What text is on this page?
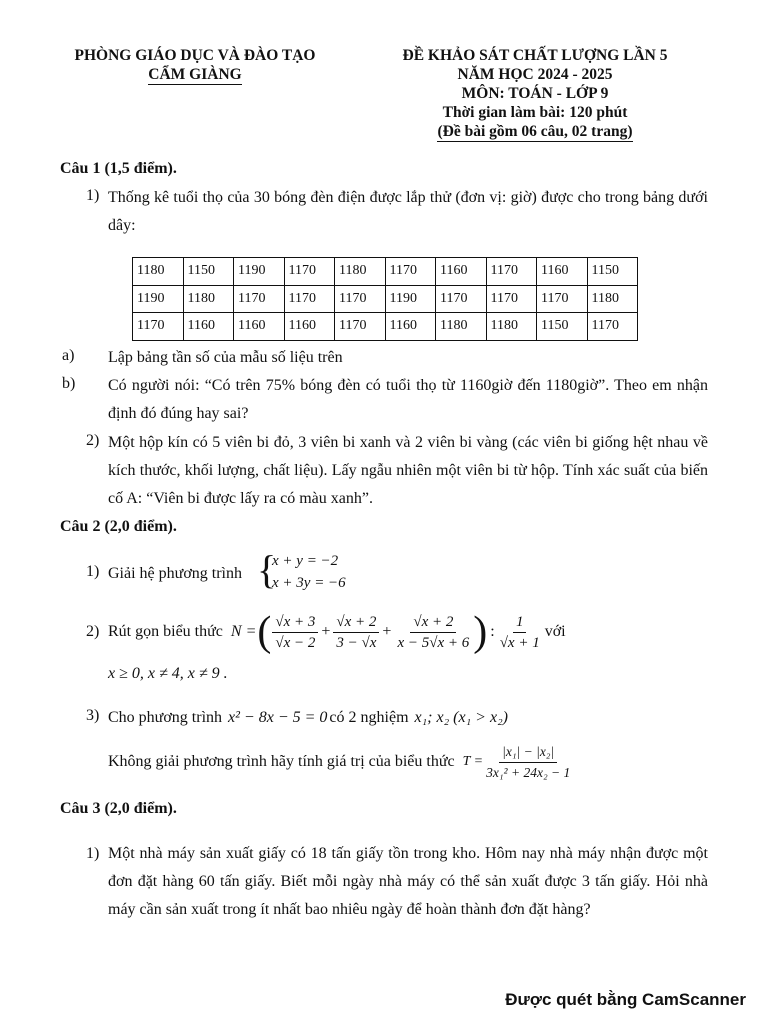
PHÒNG GIÁO DỤC VÀ ĐÀO TẠO
CẨM GIÀNG
ĐỀ KHẢO SÁT CHẤT LƯỢNG LẦN 5
NĂM HỌC 2024 - 2025
MÔN: TOÁN - LỚP 9
Thời gian làm bài: 120 phút
(Đề bài gồm 06 câu, 02 trang)
Câu 1 (1,5 điểm).
1) Thống kê tuổi thọ của 30 bóng đèn điện được lắp thử (đơn vị: giờ) được cho trong bảng dưới dây:
1180	1150	1190	1170	1180	1170	1160	1170	1160	1150
1190	1180	1170	1170	1170	1190	1170	1170	1170	1180
1170	1160	1160	1160	1170	1160	1180	1180	1150	1170
a) Lập bảng tần số của mẫu số liệu trên
b) Có người nói: “Có trên 75% bóng đèn có tuổi thọ từ 1160giờ đến 1180giờ”. Theo em nhận định đó đúng hay sai?
2) Một hộp kín có 5 viên bi đỏ, 3 viên bi xanh và 2 viên bi vàng (các viên bi giống hệt nhau về kích thước, khối lượng, chất liệu). Lấy ngẫu nhiên một viên bi từ hộp. Tính xác suất của biến cố A: “Viên bi được lấy ra có màu xanh”.
Câu 2 (2,0 điểm).
1) Giải hệ phương trình {
x + y = −2
x + 3y = −6
2) Rút gọn biểu thức N = ( $\frac{√x + 3}{√x - 2} + \frac{√x + 2}{3 - √x} + \frac{√x + 2}{x - 5√x + 6}$ ) : $\frac{1}{√x + 1}$ với
x ≥ 0, x ≠ 4, x ≠ 9 .
3) Cho phương trình x² − 8x − 5 = 0 có 2 nghiệm x₁; x₂ (x₁ > x₂)
Không giải phương trình hãy tính giá trị của biểu thức $T = \frac{\text{|x₁| − |x₂|}}{\text{3x₁² + 24x₂ − 1}}$
Câu 3 (2,0 điểm).
1) Một nhà máy sản xuất giấy có 18 tấn giấy tồn trong kho. Hôm nay nhà máy nhận được một đơn đặt hàng 60 tấn giấy. Biết mỗi ngày nhà máy có thể sản xuất được 3 tấn giấy. Hỏi nhà máy cần sản xuất trong ít nhất bao nhiêu ngày để hoàn thành đơn đặt hàng?
Được quét bằng CamScanner
